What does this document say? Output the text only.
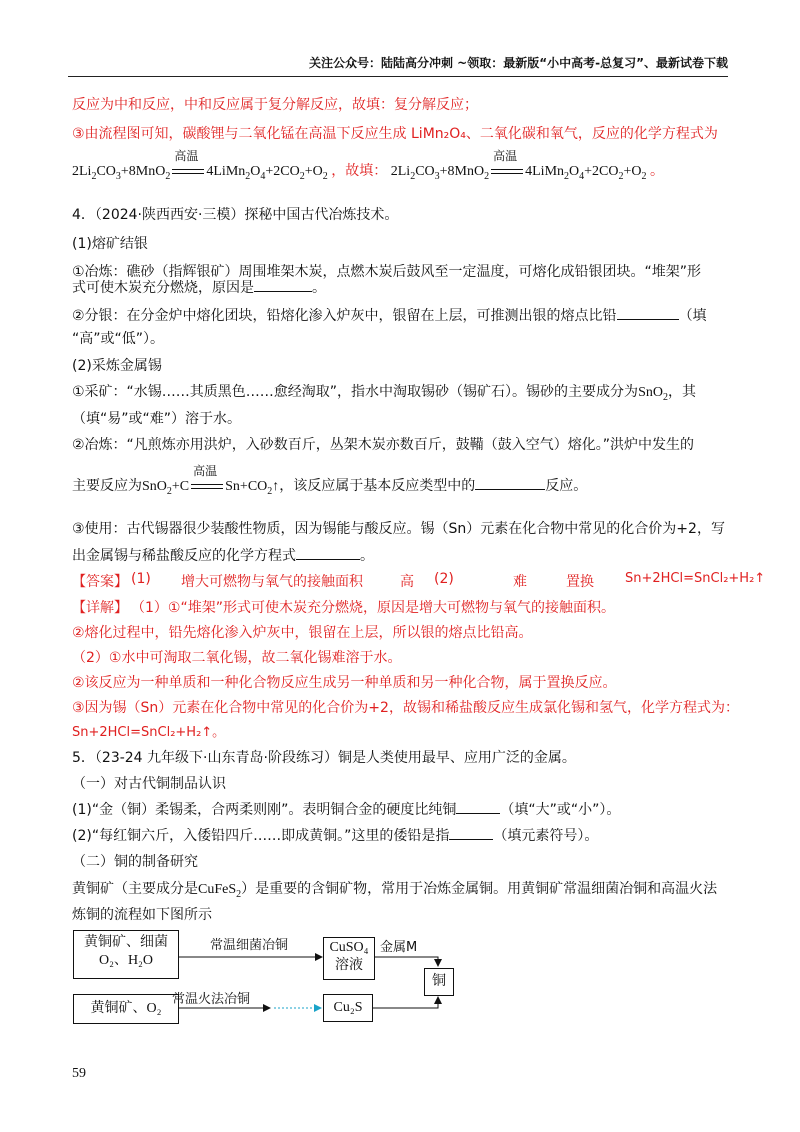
关注公众号：陆陆高分冲刺 ~领取：最新版“小中高考-总复习”、最新试卷下载
反应为中和反应，中和反应属于复分解反应，故填：复分解反应；
③由流程图可知，碳酸锂与二氧化锰在高温下反应生成 LiMn₂O₄、二氧化碳和氧气，反应的化学方程式为
$2Li_2CO_3+8MnO_2$
高温
$4LiMn_2O_4+2CO_2+O_2$ ，故填： $2Li_2CO_3+8MnO_2$
高温
$4LiMn_2O_4+2CO_2+O_2$ 。
4．（2024·陕西西安·三模）探秘中国古代冶炼技术。
(1)熔矿结银
①冶炼：礁砂（指辉银矿）周围堆架木炭，点燃木炭后鼓风至一定温度，可熔化成铅银团块。“堆架”形
式可使木炭充分燃烧，原因是	。
②分银：在分金炉中熔化团块，铅熔化渗入炉灰中，银留在上层，可推测出银的熔点比铅	（填
“高”或“低”）。
(2)采炼金属锡
①采矿：“水锡……其质黑色……愈经淘取”，指水中淘取锡砂（锡矿石）。锡砂的主要成分为SnO$_2$，其
（填“易”或“难”）溶于水。
②冶炼：“凡煎炼亦用洪炉，入砂数百斤，丛架木炭亦数百斤，鼓鞴（鼓入空气）熔化。”洪炉中发生的
主要反应为SnO$_2$+C
高温
$Sn+CO_2↑$，该反应属于基本反应类型中的	反应。
③使用：古代锡器很少装酸性物质，因为锡能与酸反应。锡（Sn）元素在化合物中常见的化合价为+2，写
出金属锡与稀盐酸反应的化学方程式	。
【答案】 (1) 增大可燃物与氧气的接触面积	高 (2)	难	置换 Sn+2HCl=SnCl₂+H₂↑
【详解】 （1）①“堆架”形式可使木炭充分燃烧，原因是增大可燃物与氧气的接触面积。
②熔化过程中，铅先熔化渗入炉灰中，银留在上层，所以银的熔点比铅高。
（2）①水中可淘取二氧化锡，故二氧化锡难溶于水。
②该反应为一种单质和一种化合物反应生成另一种单质和另一种化合物，属于置换反应。
③因为锡（Sn）元素在化合物中常见的化合价为+2，故锡和稀盐酸反应生成氯化锡和氢气，化学方程式为：
Sn+2HCl=SnCl₂+H₂↑。
5．（23-24 九年级下·山东青岛·阶段练习）铜是人类使用最早、应用广泛的金属。
（一）对古代铜制品认识
(1)“金（铜）柔锡柔，合两柔则刚”。表明铜合金的硬度比纯铜	（填“大”或“小”）。
(2)“每红铜六斤，入倭铅四斤……即成黄铜。”这里的倭铅是指	（填元素符号）。
（二）铜的制备研究
黄铜矿（主要成分是CuFeS$_2$）是重要的含铜矿物，常用于冶炼金属铜。用黄铜矿常温细菌冶铜和高温火法
炼铜的流程如下图所示
黄铜矿、细菌
O₂、H₂O
CuSO₄
溶液
铜
黄铜矿、O₂	Cu₂S
常温细菌冶铜	金属M
常温火法冶铜
59
